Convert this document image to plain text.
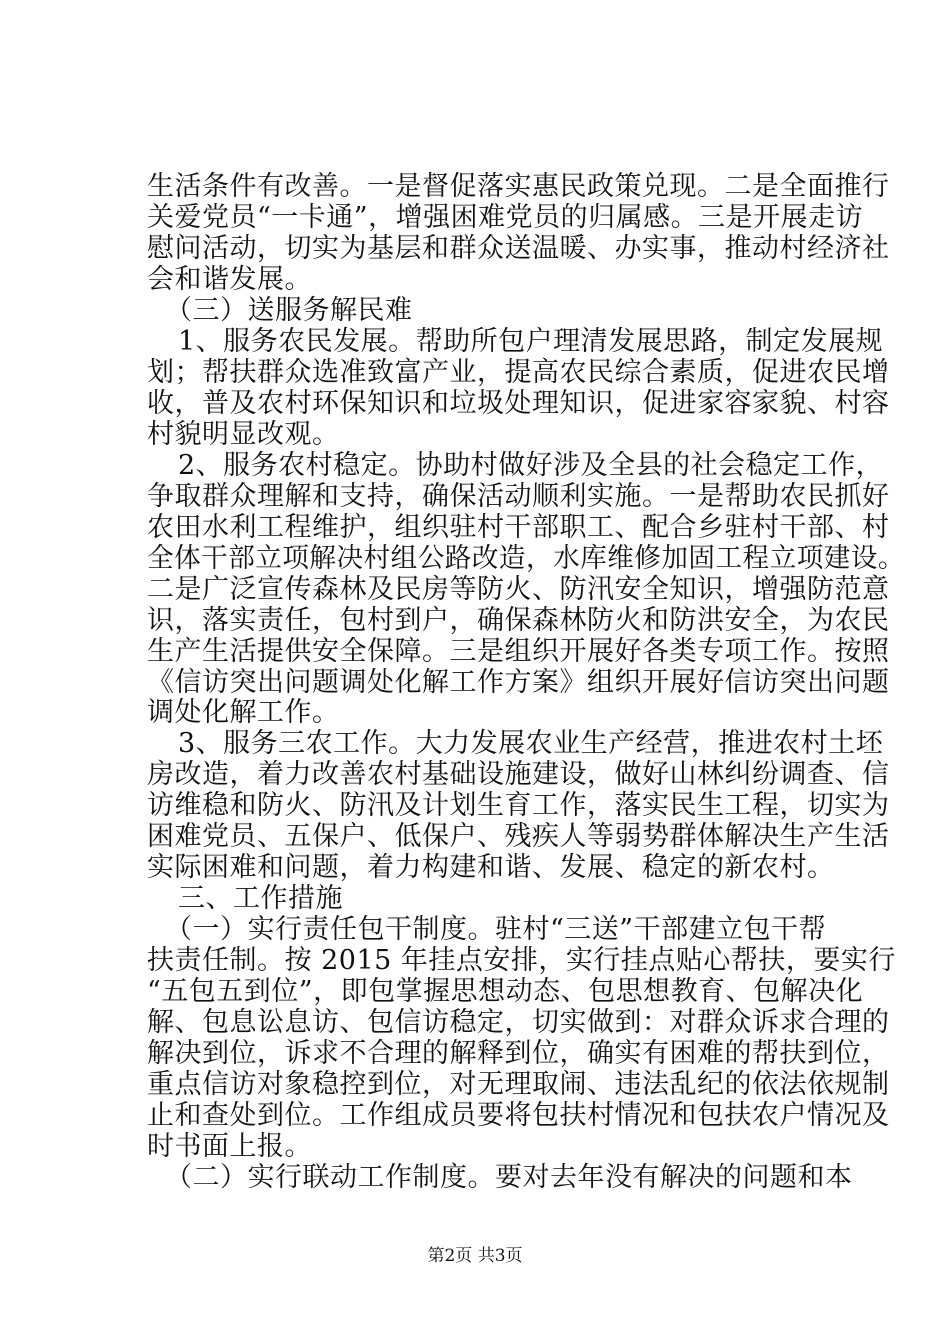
生活条件有改善。一是督促落实惠民政策兑现。二是全面推行
关爱党员“一卡通”，增强困难党员的归属感。三是开展走访
慰问活动，切实为基层和群众送温暖、办实事，推动村经济社
会和谐发展。
（三）送服务解民难
1、服务农民发展。帮助所包户理清发展思路，制定发展规
划；帮扶群众选准致富产业，提高农民综合素质，促进农民增
收，普及农村环保知识和垃圾处理知识，促进家容家貌、村容
村貌明显改观。
2、服务农村稳定。协助村做好涉及全县的社会稳定工作，
争取群众理解和支持，确保活动顺利实施。一是帮助农民抓好
农田水利工程维护，组织驻村干部职工、配合乡驻村干部、村
全体干部立项解决村组公路改造，水库维修加固工程立项建设。
二是广泛宣传森林及民房等防火、防汛安全知识，增强防范意
识，落实责任，包村到户，确保森林防火和防洪安全，为农民
生产生活提供安全保障。三是组织开展好各类专项工作。按照
《信访突出问题调处化解工作方案》组织开展好信访突出问题
调处化解工作。
3、服务三农工作。大力发展农业生产经营，推进农村土坯
房改造，着力改善农村基础设施建设，做好山林纠纷调查、信
访维稳和防火、防汛及计划生育工作，落实民生工程，切实为
困难党员、五保户、低保户、残疾人等弱势群体解决生产生活
实际困难和问题，着力构建和谐、发展、稳定的新农村。
三、工作措施
（一）实行责任包干制度。驻村“三送”干部建立包干帮
扶责任制。按 2015 年挂点安排，实行挂点贴心帮扶，要实行
“五包五到位”，即包掌握思想动态、包思想教育、包解决化
解、包息讼息访、包信访稳定，切实做到：对群众诉求合理的
解决到位，诉求不合理的解释到位，确实有困难的帮扶到位，
重点信访对象稳控到位，对无理取闹、违法乱纪的依法依规制
止和查处到位。工作组成员要将包扶村情况和包扶农户情况及
时书面上报。
（二）实行联动工作制度。要对去年没有解决的问题和本
第2页 共3页
